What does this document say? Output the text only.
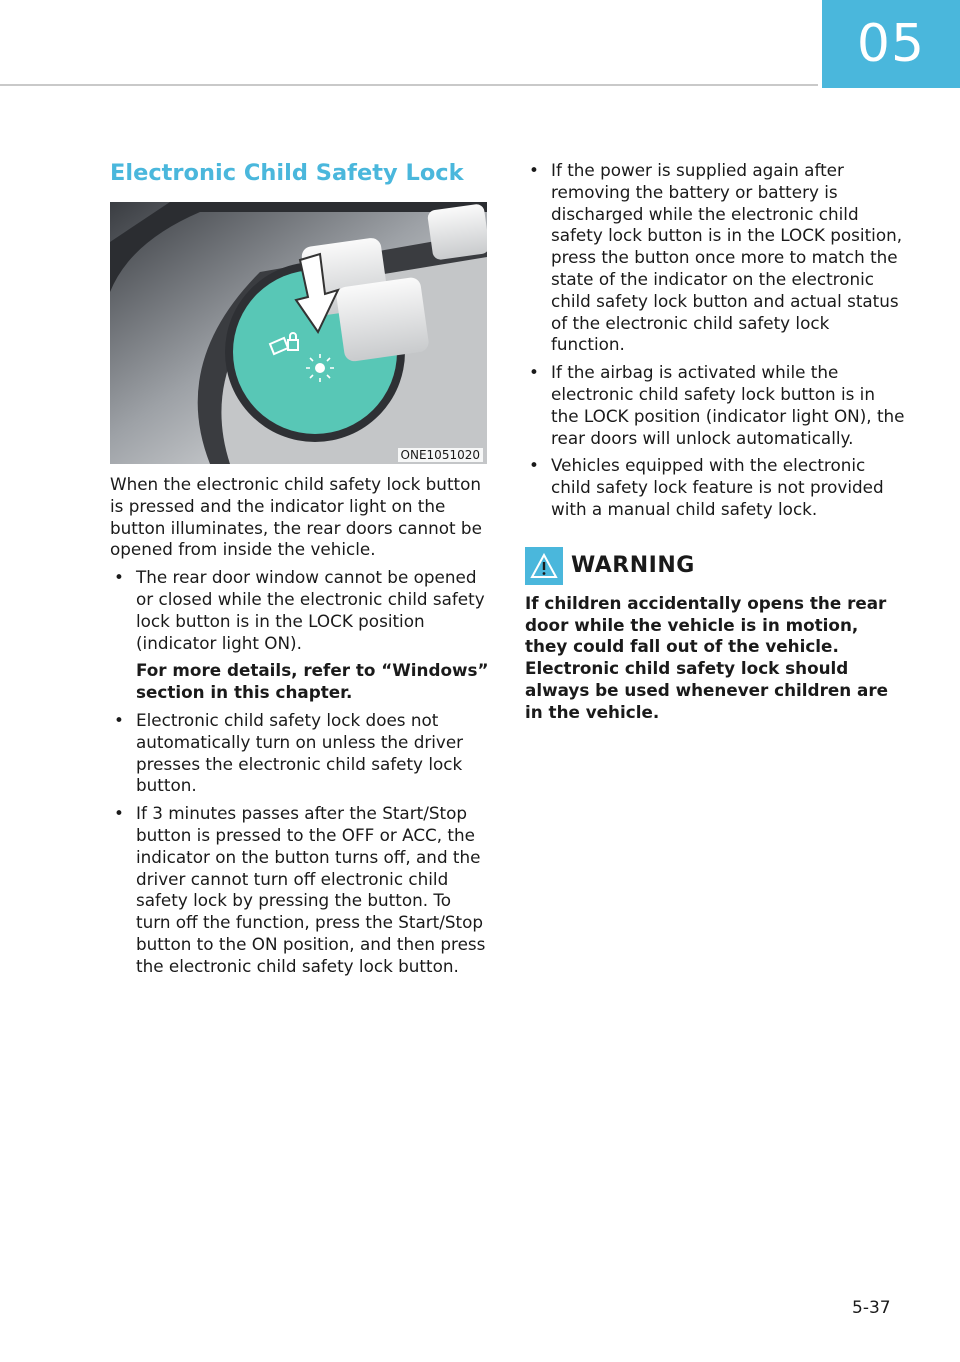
05
Electronic Child Safety Lock
ONE1051020

When the electronic child safety lock button is pressed and the indicator light on the button illuminates, the rear doors cannot be opened from inside the vehicle.

• The rear door window cannot be opened or closed while the electronic child safety lock button is in the LOCK position (indicator light ON).
For more details, refer to “Windows” section in this chapter.
• Electronic child safety lock does not automatically turn on unless the driver presses the electronic child safety lock button.
• If 3 minutes passes after the Start/Stop button is pressed to the OFF or ACC, the indicator on the button turns off, and the driver cannot turn off electronic child safety lock by pressing the button. To turn off the function, press the Start/Stop button to the ON position, and then press the electronic child safety lock button.
• If the power is supplied again after removing the battery or battery is discharged while the electronic child safety lock button is in the LOCK position, press the button once more to match the state of the indicator on the electronic child safety lock button and actual status of the electronic child safety lock function.
• If the airbag is activated while the electronic child safety lock button is in the LOCK position (indicator light ON), the rear doors will unlock automatically.
• Vehicles equipped with the electronic child safety lock feature is not provided with a manual child safety lock.
WARNING

If children accidentally opens the rear door while the vehicle is in motion, they could fall out of the vehicle. Electronic child safety lock should always be used whenever children are in the vehicle.

5-37
